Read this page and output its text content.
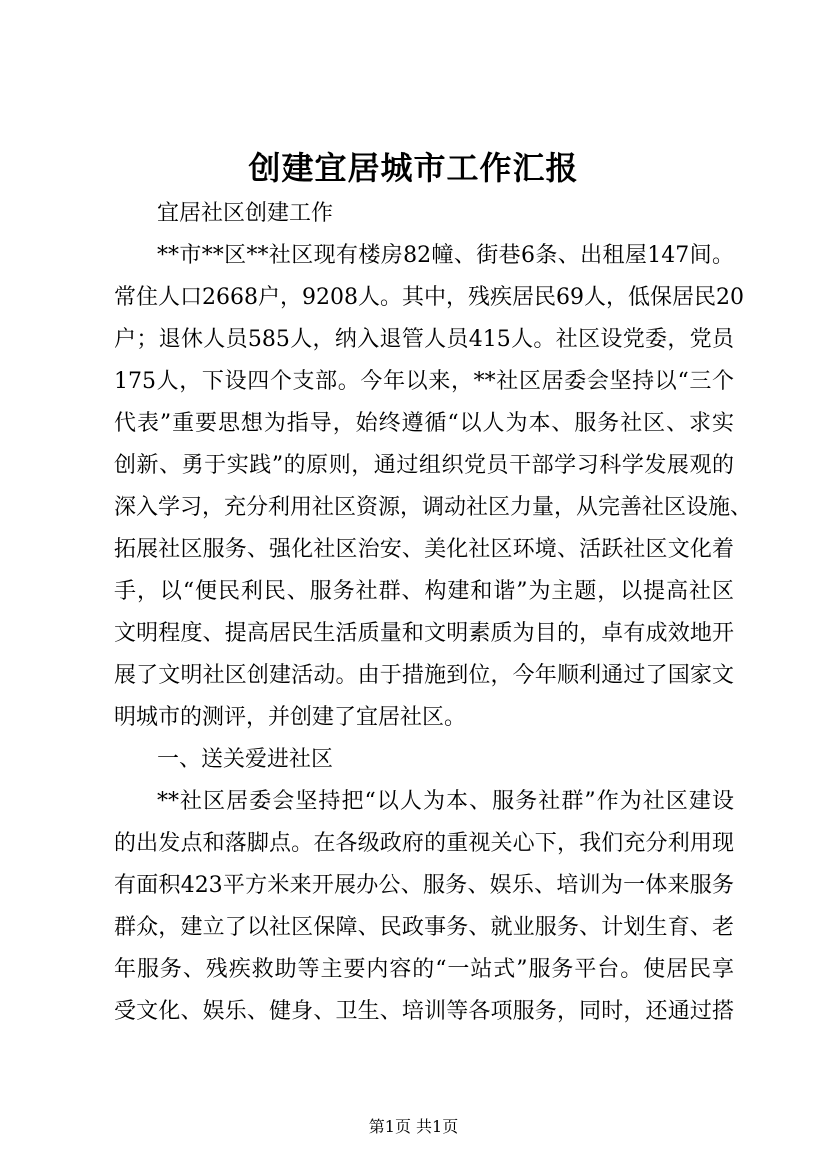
创建宜居城市工作汇报
宜居社区创建工作
**市**区**社区现有楼房82幢、街巷6条、出租屋147间。
常住人口2668户，9208人。其中，残疾居民69人，低保居民20
户；退休人员585人，纳入退管人员415人。社区设党委，党员
175人，下设四个支部。今年以来，**社区居委会坚持以“三个
代表”重要思想为指导，始终遵循“以人为本、服务社区、求实
创新、勇于实践”的原则，通过组织党员干部学习科学发展观的
深入学习，充分利用社区资源，调动社区力量，从完善社区设施、
拓展社区服务、强化社区治安、美化社区环境、活跃社区文化着
手，以“便民利民、服务社群、构建和谐”为主题，以提高社区
文明程度、提高居民生活质量和文明素质为目的，卓有成效地开
展了文明社区创建活动。由于措施到位，今年顺利通过了国家文
明城市的测评，并创建了宜居社区。
一、送关爱进社区
**社区居委会坚持把“以人为本、服务社群”作为社区建设
的出发点和落脚点。在各级政府的重视关心下，我们充分利用现
有面积423平方米来开展办公、服务、娱乐、培训为一体来服务
群众，建立了以社区保障、民政事务、就业服务、计划生育、老
年服务、残疾救助等主要内容的“一站式”服务平台。使居民享
受文化、娱乐、健身、卫生、培训等各项服务，同时，还通过搭
第1页 共1页
